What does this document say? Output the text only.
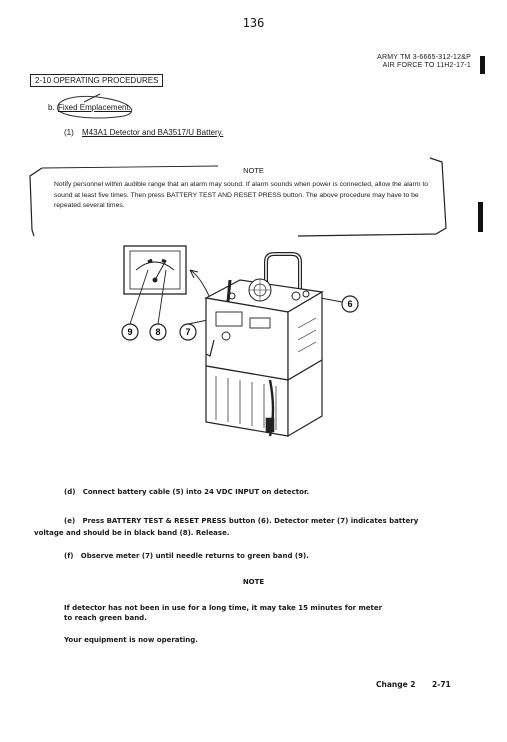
136
ARMY TM 3-6665-312-12&P
AIR FORCE TO 11H2-17-1
2-10 OPERATING PROCEDURES
b. Fixed Emplacement.
(1) M43A1 Detector and BA3517/U Battery.
NOTE
Notify personnel within audible range that an alarm may sound. If alarm sounds when power is connected, allow the alarm to sound at least five times. Then press BATTERY TEST AND RESET PRESS button. The above procedure may have to be repeated several times.
9	8	7
6
(d) Connect battery cable (5) into 24 VDC INPUT on detector.
(e) Press BATTERY TEST & RESET PRESS button (6). Detector meter (7) indicates battery
voltage and should be in black band (8). Release.
(f) Observe meter (7) until needle returns to green band (9).
NOTE
If detector has not been in use for a long time, it may take 15 minutes for meter
to reach green band.
Your equipment is now operating.
Change 2 2-71
